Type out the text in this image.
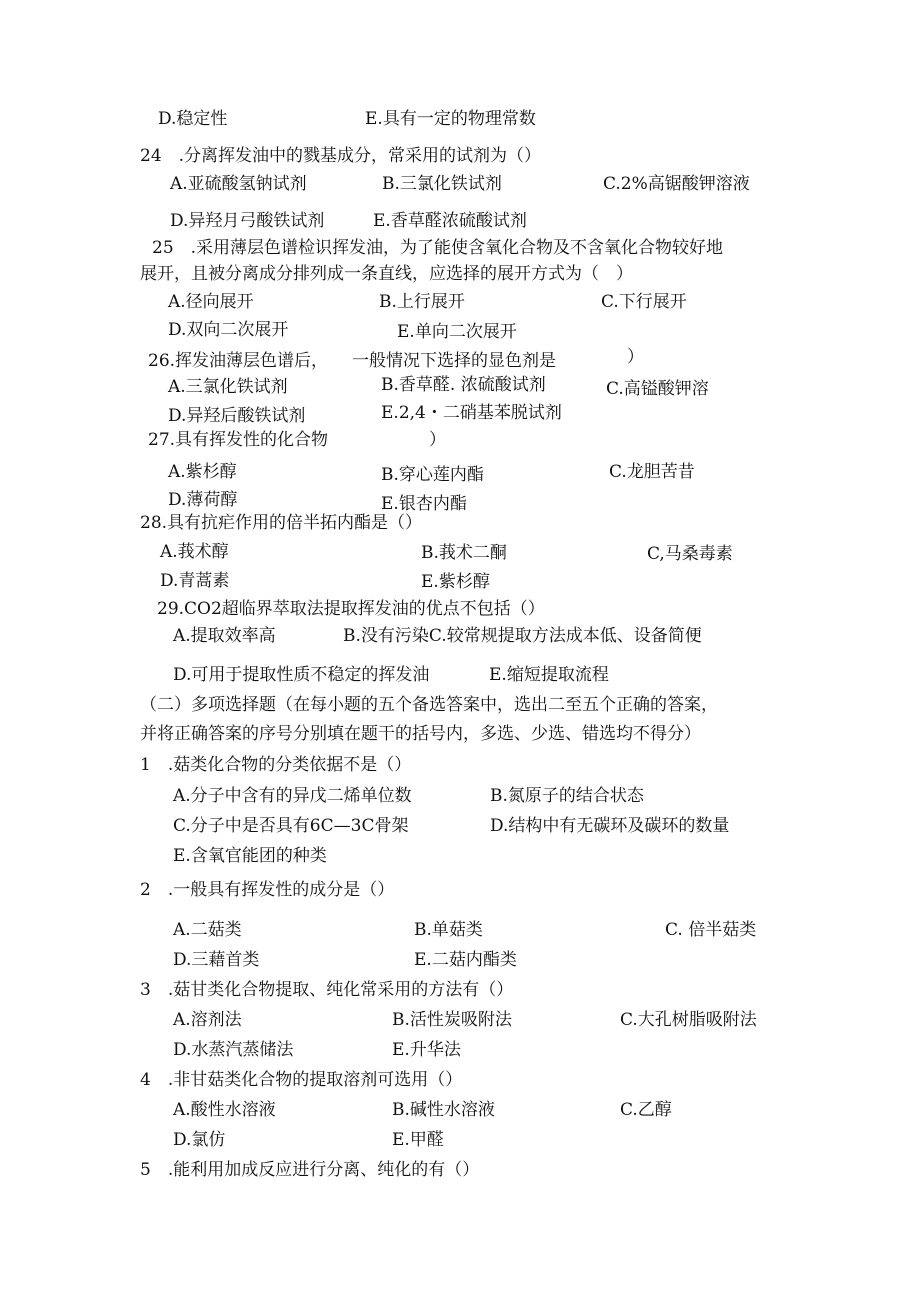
D.稳定性	E.具有一定的物理常数
24 .分离挥发油中的戮基成分，常采用的试剂为（）
A.亚硫酸氢钠试剂	B.三氯化铁试剂	C.2%高锯酸钾溶液
D.异羟月弓酸铁试剂	E.香草醛浓硫酸试剂
25 .采用薄层色谱检识挥发油，为了能使含氧化合物及不含氧化合物较好地
展开，且被分离成分排列成一条直线，应选择的展开方式为（ ）
A.径向展开	B.上行展开	C.下行展开
D.双向二次展开	E.单向二次展开
26.挥发油薄层色谱后， 一般情况下选择的显色剂是	）
A.三氯化铁试剂	B.香草醛. 浓硫酸试剂	C.高镒酸钾溶
D.异羟后酸铁试剂	E.2,4・二硝基苯脱试剂
27.具有挥发性的化合物	）
A.紫杉醇	B.穿心莲内酯	C.龙胆苦昔
D.薄荷醇	E.银杏内酯
28.具有抗疟作用的倍半拓内酯是（）
A.莪术醇	B.莪术二酮	C,马桑毒素
D.青蒿素	E.紫杉醇
29.CO2超临界萃取法提取挥发油的优点不包括（）
A.提取效率高	B.没有污染C.较常规提取方法成本低、设备简便
D.可用于提取性质不稳定的挥发油	E.缩短提取流程
（二）多项选择题（在每小题的五个备选答案中，选出二至五个正确的答案，
并将正确答案的序号分别填在题干的括号内，多选、少选、错选均不得分）
1 .菇类化合物的分类依据不是（）
A.分子中含有的异戊二烯单位数	B.氮原子的结合状态
C.分子中是否具有6C—3C骨架	D.结构中有无碳环及碳环的数量
E.含氧官能团的种类
2 .一般具有挥发性的成分是（）
A.二菇类	B.单菇类	C. 倍半菇类
D.三藉首类	E.二菇内酯类
3 .菇甘类化合物提取、纯化常采用的方法有（）
A.溶剂法	B.活性炭吸附法	C.大孔树脂吸附法
D.水蒸汽蒸储法	E.升华法
4 .非甘菇类化合物的提取溶剂可选用（）
A.酸性水溶液	B.碱性水溶液	C.乙醇
D.氯仿	E.甲醛
5 .能利用加成反应进行分离、纯化的有（）
